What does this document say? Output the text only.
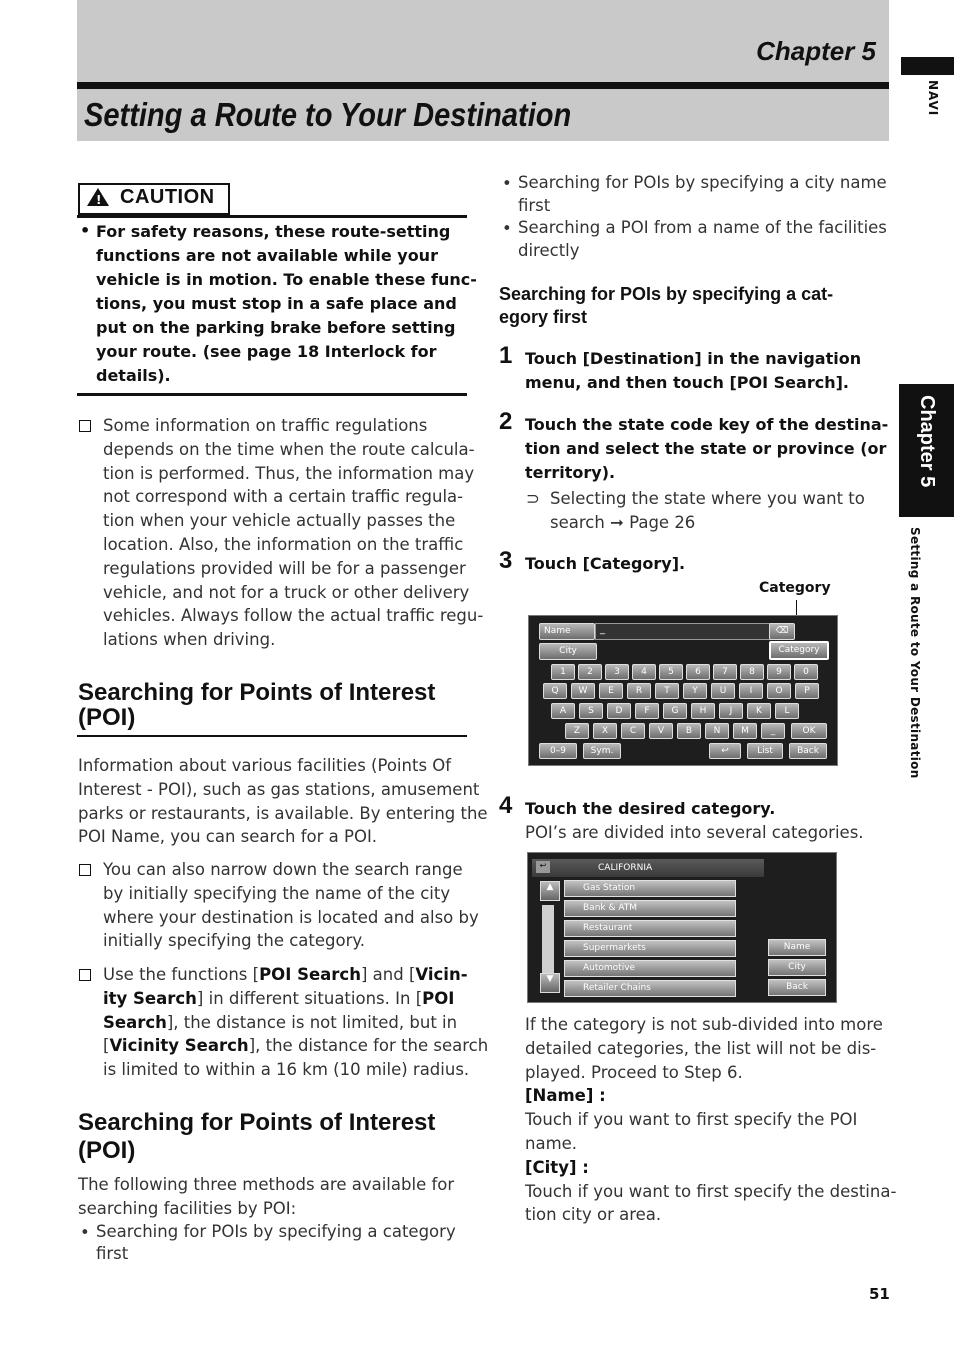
Chapter 5
Setting a Route to Your Destination	NAVI
Chapter 5
Setting a Route to Your Destination
! CAUTION
• For safety reasons, these route-setting
functions are not available while your
vehicle is in motion. To enable these func-
tions, you must stop in a safe place and
put on the parking brake before setting
your route. (see page 18 Interlock for
details).
Some information on traffic regulations
depends on the time when the route calcula-
tion is performed. Thus, the information may
not correspond with a certain traffic regula-
tion when your vehicle actually passes the
location. Also, the information on the traffic
regulations provided will be for a passenger
vehicle, and not for a truck or other delivery
vehicles. Always follow the actual traffic regu-
lations when driving.
Searching for Points of Interest
(POI)
Information about various facilities (Points Of
Interest - POI), such as gas stations, amusement
parks or restaurants, is available. By entering the
POI Name, you can search for a POI.
You can also narrow down the search range
by initially specifying the name of the city
where your destination is located and also by
initially specifying the category.
Use the functions [POI Search] and [Vicin-
ity Search] in different situations. In [POI
Search], the distance is not limited, but in
[Vicinity Search], the distance for the search
is limited to within a 16 km (10 mile) radius.
Searching for Points of Interest
(POI)
The following three methods are available for
searching facilities by POI:
• Searching for POIs by specifying a category
first
• Searching for POIs by specifying a city name
first
• Searching a POI from a name of the facilities
directly
Searching for POIs by specifying a cat-
egory first
1 Touch [Destination] in the navigation
menu, and then touch [POI Search].
2 Touch the state code key of the destina-
tion and select the state or province (or
territory).
⊃ Selecting the state where you want to
search ➞ Page 26
3 Touch [Category].
Category
Name	_	⌫
City	Category
1	2	3	4	5	6	7	8	9	0
Q	W	E	R	T	Y	U	I	O	P
A	S	D	F	G	H	J	K	L
Z	X	C	V	B	N	M	_	OK
0–9	Sym.	↩	List	Back
4 Touch the desired category.
POI’s are divided into several categories.
↩	CALIFORNIA
▲
▼
Gas Station
Bank & ATM
Restaurant
Supermarkets
Automotive
Retailer Chains
Name
City
Back
If the category is not sub-divided into more
detailed categories, the list will not be dis-
played. Proceed to Step 6.
[Name] :
Touch if you want to first specify the POI
name.
[City] :
Touch if you want to first specify the destina-
tion city or area.
51
